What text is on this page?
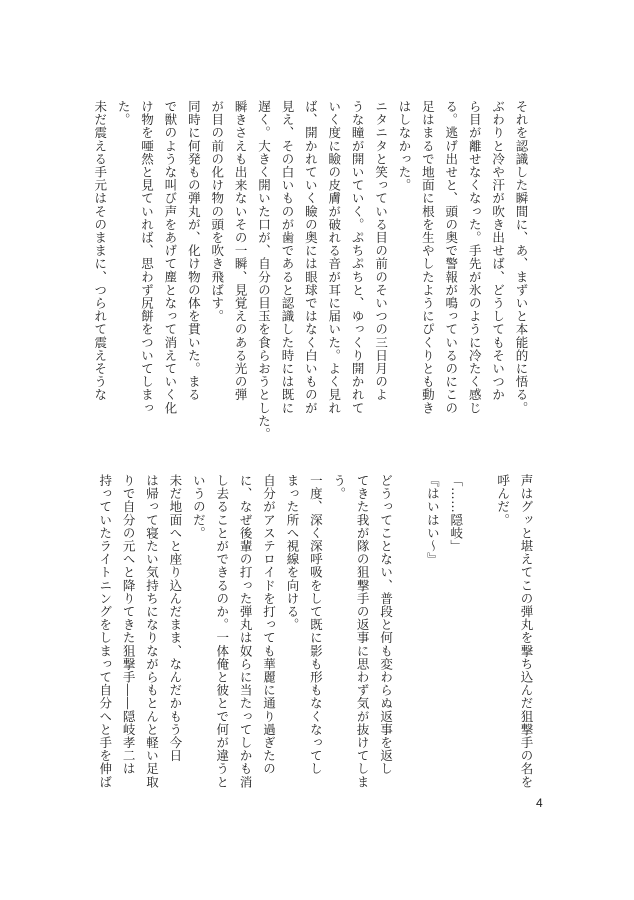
それを認識した瞬間に、あ、まずいと本能的に悟る。

ぶわりと冷や汗が吹き出せば、どうしてもそいつか

ら目が離せなくなった。手先が氷のように冷たく感じ

る。逃げ出せと、頭の奥で警報が鳴っているのにこの

足はまるで地面に根を生やしたようにぴくりとも動き

はしなかった。

ニタニタと笑っている目の前のそいつの三日月のよ

うな瞳が開いていく。ぷちぷちと、ゆっくり開かれて

いく度に瞼の皮膚が破れる音が耳に届いた。よく見れ

ば、開かれていく瞼の奥には眼球ではなく白いものが

見え、その白いものが歯であると認識した時には既に

遅く。大きく開いた口が、自分の目玉を食らおうとした。

瞬きさえも出来ないその一瞬、見覚えのある光の弾

が目の前の化け物の頭を吹き飛ばす。

同時に何発もの弾丸が、化け物の体を貫いた。まる

で獣のような叫び声をあげて塵となって消えていく化

け物を唖然と見ていれば、思わず尻餅をついてしまっ

た。

未だ震える手元はそのままに、つられて震えそうな

声はグッと堪えてこの弾丸を撃ち込んだ狙撃手の名を

呼んだ。

「……隠岐」

『はいはい〜』

どうってことない、普段と何も変わらぬ返事を返し

てきた我が隊の狙撃手の返事に思わず気が抜けてしま

う。

一度、深く深呼吸をして既に影も形もなくなってし

まった所へ視線を向ける。

自分がアステロイドを打っても華麗に通り過ぎたの

に、なぜ後輩の打った弾丸は奴らに当たってしかも消

し去ることができるのか。一体俺と彼とで何が違うと

いうのだ。

未だ地面へと座り込んだまま、なんだかもう今日

は帰って寝たい気持ちになりながらもとんと軽い足取

りで自分の元へと降りてきた狙撃手――隠岐孝二は

持っていたライトニングをしまって自分へと手を伸ば

4
